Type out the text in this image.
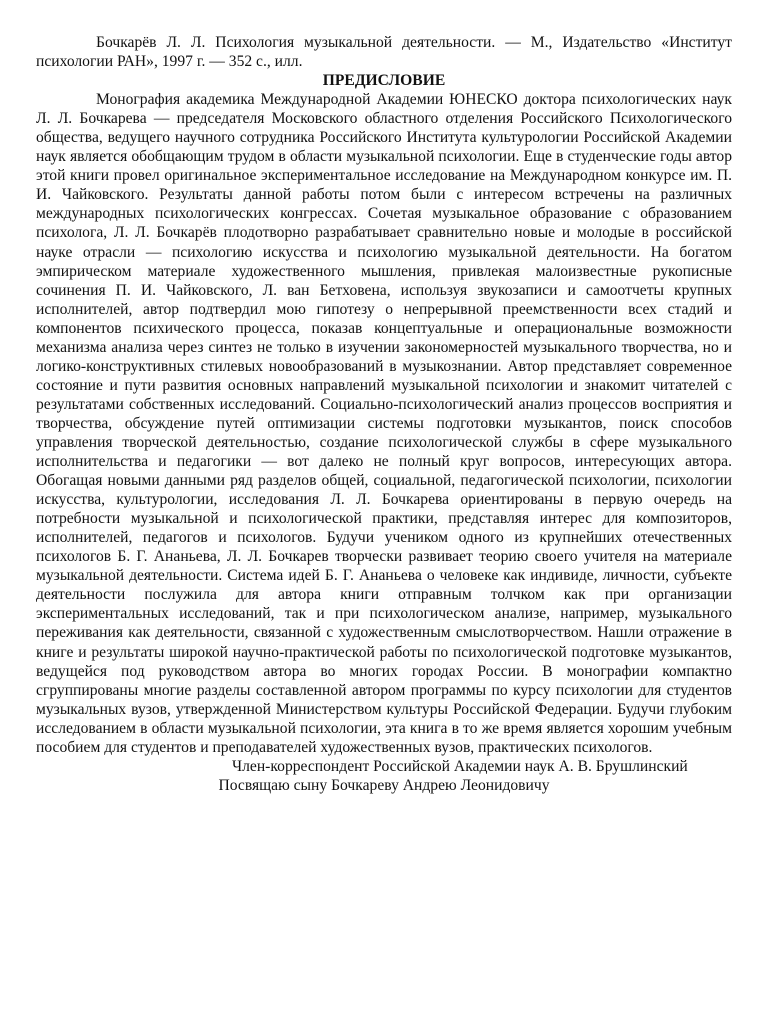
Бочкарёв Л. Л. Психология музыкальной деятельности. — М., Издательство «Институт психологии РАН», 1997 г. — 352 с., илл.

ПРЕДИСЛОВИЕ

Монография академика Международной Академии ЮНЕСКО доктора психологических наук Л. Л. Бочкарева — председателя Московского областного отделения Российского Психологического общества, ведущего научного сотрудника Российского Института культурологии Российской Академии наук является обобщающим трудом в области музыкальной психологии. Еще в студенческие годы автор этой книги провел оригинальное экспериментальное исследование на Международном конкурсе им. П. И. Чайковского. Результаты данной работы потом были с интересом встречены на различных международных психологических конгрессах. Сочетая музыкальное образование с образованием психолога, Л. Л. Бочкарёв плодотворно разрабатывает сравнительно новые и молодые в российской науке отрасли — психологию искусства и психологию музыкальной деятельности. На богатом эмпирическом материале художественного мышления, привлекая малоизвестные рукописные сочинения П. И. Чайковского, Л. ван Бетховена, используя звукозаписи и самоотчеты крупных исполнителей, автор подтвердил мою гипотезу о непрерывной преемственности всех стадий и компонентов психического процесса, показав концептуальные и операциональные возможности механизма анализа через синтез не только в изучении закономерностей музыкального творчества, но и логико-конструктивных стилевых новообразований в музыкознании. Автор представляет современное состояние и пути развития основных направлений музыкальной психологии и знакомит читателей с результатами собственных исследований. Социально-психологический анализ процессов восприятия и творчества, обсуждение путей оптимизации системы подготовки музыкантов, поиск способов управления творческой деятельностью, создание психологической службы в сфере музыкального исполнительства и педагогики — вот далеко не полный круг вопросов, интересующих автора. Обогащая новыми данными ряд разделов общей, социальной, педагогической психологии, психологии искусства, культурологии, исследования Л. Л. Бочкарева ориентированы в первую очередь на потребности музыкальной и психологической практики, представляя интерес для композиторов, исполнителей, педагогов и психологов. Будучи учеником одного из крупнейших отечественных психологов Б. Г. Ананьева, Л. Л. Бочкарев творчески развивает теорию своего учителя на материале музыкальной деятельности. Система идей Б. Г. Ананьева о человеке как индивиде, личности, субъекте деятельности послужила для автора книги отправным толчком как при организации экспериментальных исследований, так и при психологическом анализе, например, музыкального переживания как деятельности, связанной с художественным смыслотворчеством. Нашли отражение в книге и результаты широкой научно-практической работы по психологической подготовке музыкантов, ведущейся под руководством автора во многих городах России. В монографии компактно сгруппированы многие разделы составленной автором программы по курсу психологии для студентов музыкальных вузов, утвержденной Министерством культуры Российской Федерации. Будучи глубоким исследованием в области музыкальной психологии, эта книга в то же время является хорошим учебным пособием для студентов и преподавателей художественных вузов, практических психологов.

Член-корреспондент Российской Академии наук А. В. Брушлинский

Посвящаю сыну Бочкареву Андрею Леонидовичу
